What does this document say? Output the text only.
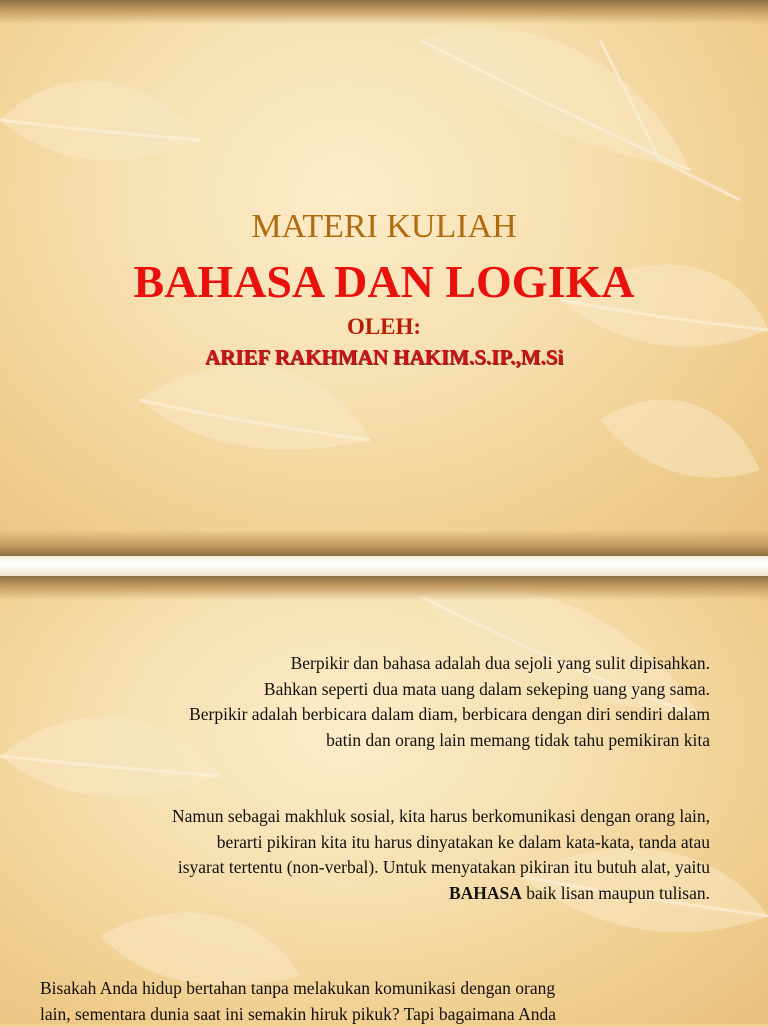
MATERI KULIAH

BAHASA DAN LOGIKA

OLEH:

ARIEF RAKHMAN HAKIM.S.IP.,M.Si

Berpikir dan bahasa adalah dua sejoli yang sulit dipisahkan.
Bahkan seperti dua mata uang dalam sekeping uang yang sama.
Berpikir adalah berbicara dalam diam, berbicara dengan diri sendiri dalam
batin dan orang lain memang tidak tahu pemikiran kita

Namun sebagai makhluk sosial, kita harus berkomunikasi dengan orang lain,
berarti pikiran kita itu harus dinyatakan ke dalam kata-kata, tanda atau
isyarat tertentu (non-verbal). Untuk menyatakan pikiran itu butuh alat, yaitu
BAHASA baik lisan maupun tulisan.

Bisakah Anda hidup bertahan tanpa melakukan komunikasi dengan orang
lain, sementara dunia saat ini semakin hiruk pikuk? Tapi bagaimana Anda
